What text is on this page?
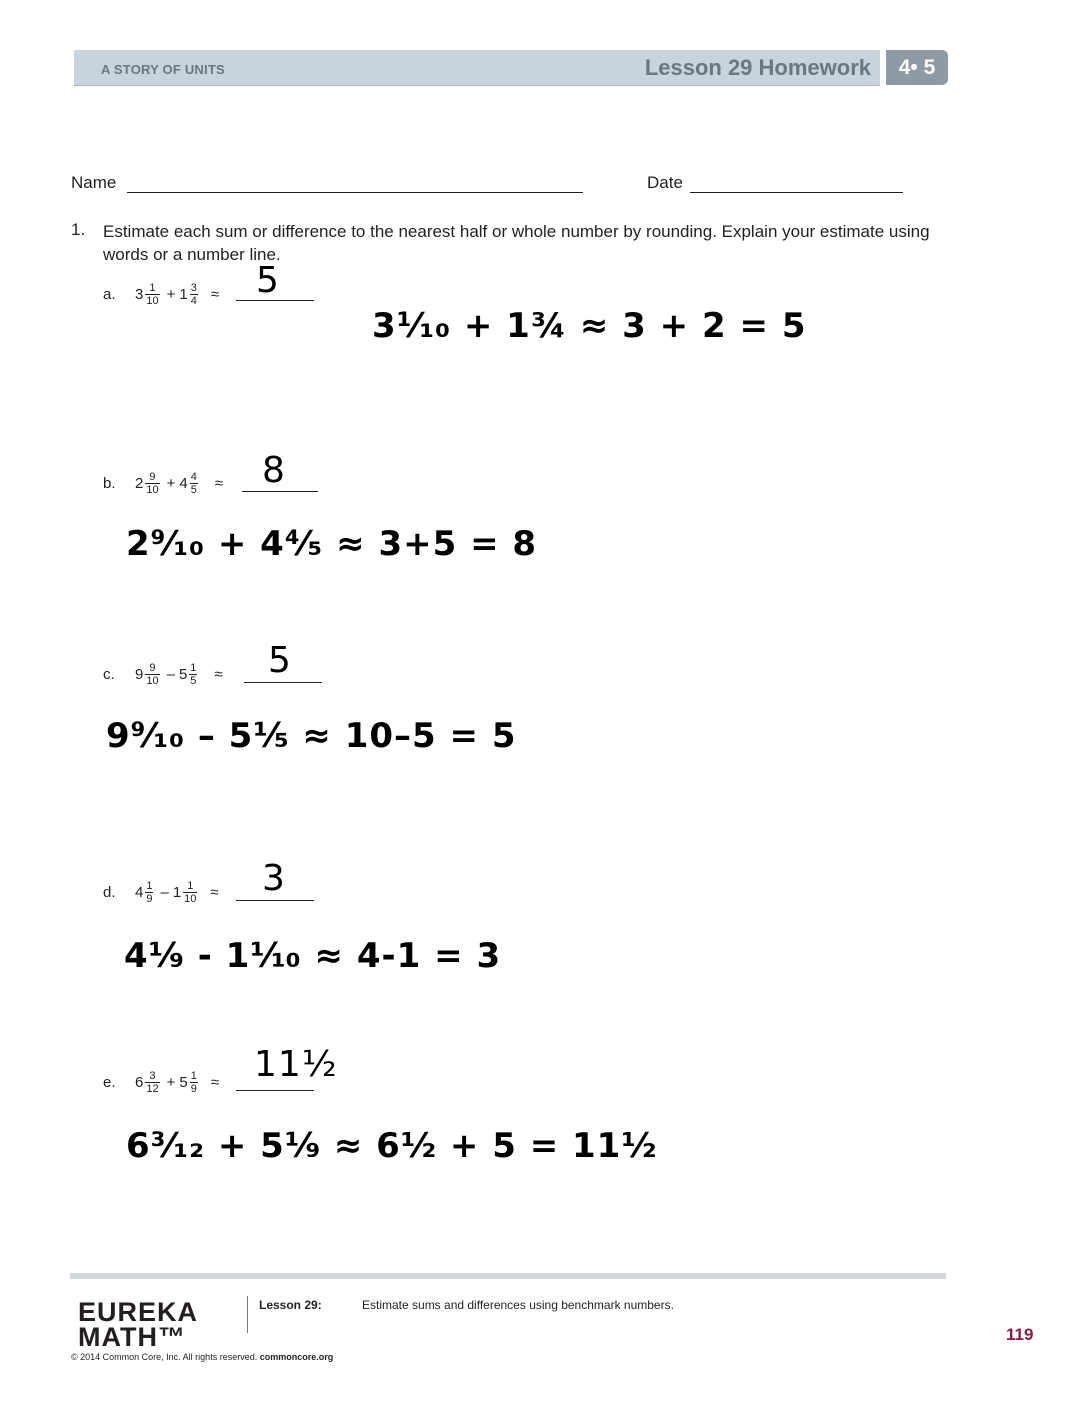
A STORY OF UNITS	Lesson 29 Homework	4• 5
Name	Date
1. Estimate each sum or difference to the nearest half or whole number by rounding. Explain your estimate using words or a number line.
a.	$3 \frac{1}{10} + 1 \frac{3}{4} \approx 5$
3¹⁄₁₀ + 1¾ ≈ 3 + 2 = 5
b.	$2 \frac{9}{10} + 4 \frac{4}{5} \approx 8$
2⁹⁄₁₀ + 4⁴⁄₅ ≈ 3+5 = 8
c.	$9 \frac{9}{10} - 5 \frac{1}{5} \approx 5$
9⁹⁄₁₀ – 5⅕ ≈ 10–5 = 5
d.	$4 \frac{1}{9} - 1 \frac{1}{10} \approx 3$
4⅑ - 1⅒ ≈ 4-1 = 3
e.	$6 \frac{3}{12} + 5 \frac{1}{9}$ ≈ 11½
6³⁄₁₂ + 5⅑ ≈ 6½ + 5 = 11½
EUREKA
MATH™
Lesson 29:	Estimate sums and differences using benchmark numbers.
119
© 2014 Common Core, Inc. All rights reserved. commoncore.org
